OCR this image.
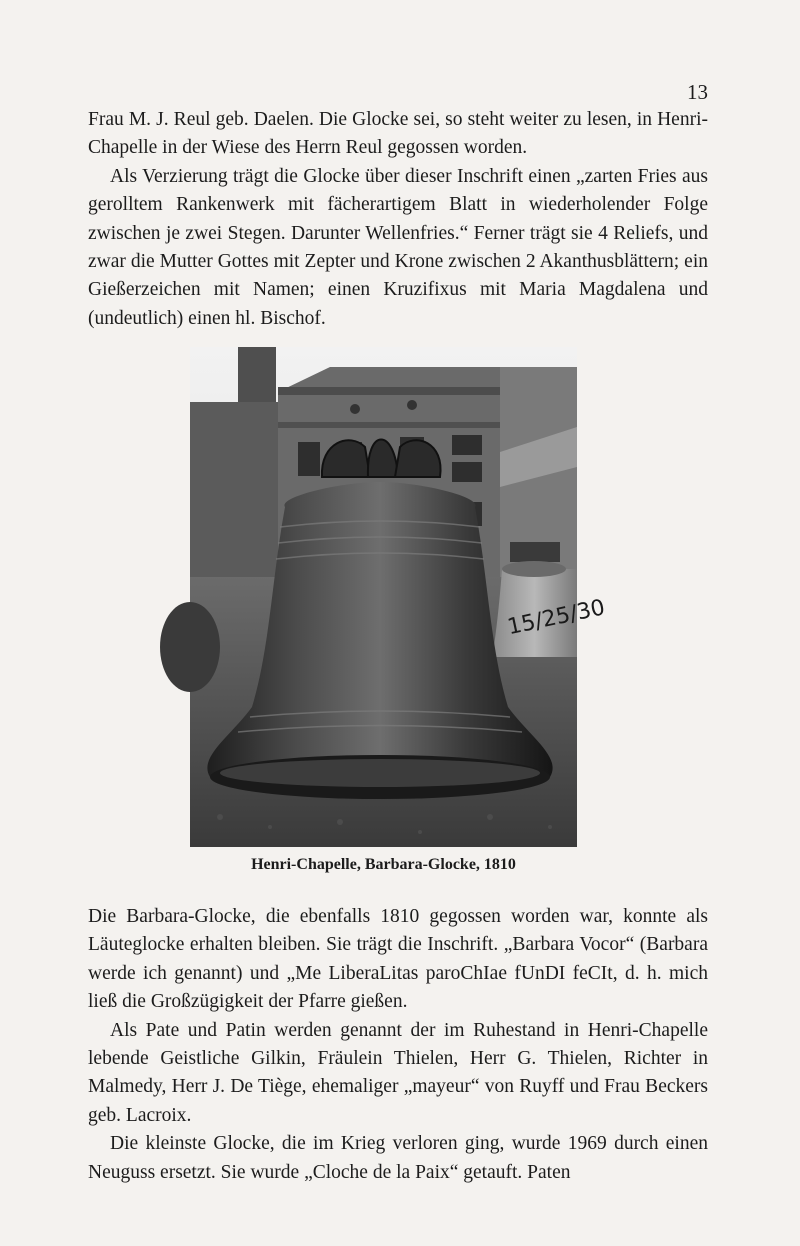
13

Frau M. J. Reul geb. Daelen. Die Glocke sei, so steht weiter zu lesen, in Henri-Chapelle in der Wiese des Herrn Reul gegossen worden.

Als Verzierung trägt die Glocke über dieser Inschrift einen „zarten Fries aus gerolltem Rankenwerk mit fächerartigem Blatt in wiederholender Folge zwischen je zwei Stegen. Darunter Wellenfries.“ Ferner trägt sie 4 Reliefs, und zwar die Mutter Gottes mit Zepter und Krone zwischen 2 Akanthusblättern; ein Gießerzeichen mit Namen; einen Kruzifixus mit Maria Magdalena und (undeutlich) einen hl. Bischof.

15/25/30
Henri-Chapelle, Barbara-Glocke, 1810

Die Barbara-Glocke, die ebenfalls 1810 gegossen worden war, konnte als Läuteglocke erhalten bleiben. Sie trägt die Inschrift. „Barbara Vocor“ (Barbara werde ich genannt) und „Me LiberaLitas paroChIae fUnDI feCIt, d. h. mich ließ die Großzügigkeit der Pfarre gießen.

Als Pate und Patin werden genannt der im Ruhestand in Henri-Chapelle lebende Geistliche Gilkin, Fräulein Thielen, Herr G. Thielen, Richter in Malmedy, Herr J. De Tiège, ehemaliger „mayeur“ von Ruyff und Frau Beckers geb. Lacroix.

Die kleinste Glocke, die im Krieg verloren ging, wurde 1969 durch einen Neuguss ersetzt. Sie wurde „Cloche de la Paix“ getauft. Paten
